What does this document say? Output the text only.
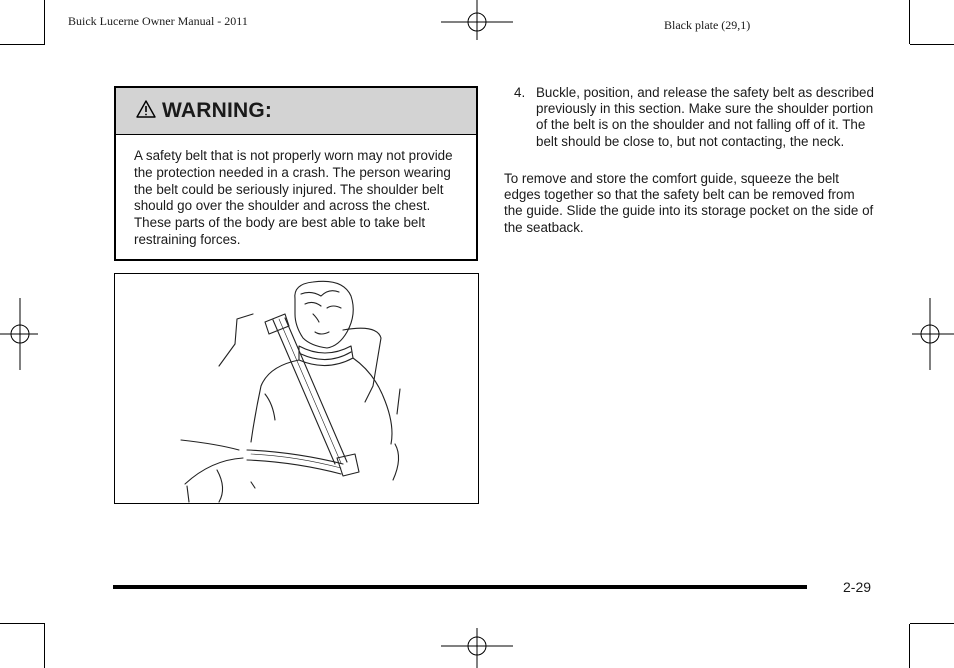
Buick Lucerne Owner Manual - 2011	Black plate (29,1)
WARNING:
A safety belt that is not properly worn may not provide the protection needed in a crash. The person wearing the belt could be seriously injured. The shoulder belt should go over the shoulder and across the chest. These parts of the body are best able to take belt restraining forces.
4. Buckle, position, and release the safety belt as described previously in this section. Make sure the shoulder portion of the belt is on the shoulder and not falling off of it. The belt should be close to, but not contacting, the neck.
To remove and store the comfort guide, squeeze the belt edges together so that the safety belt can be removed from the guide. Slide the guide into its storage pocket on the side of the seatback.
2-29
